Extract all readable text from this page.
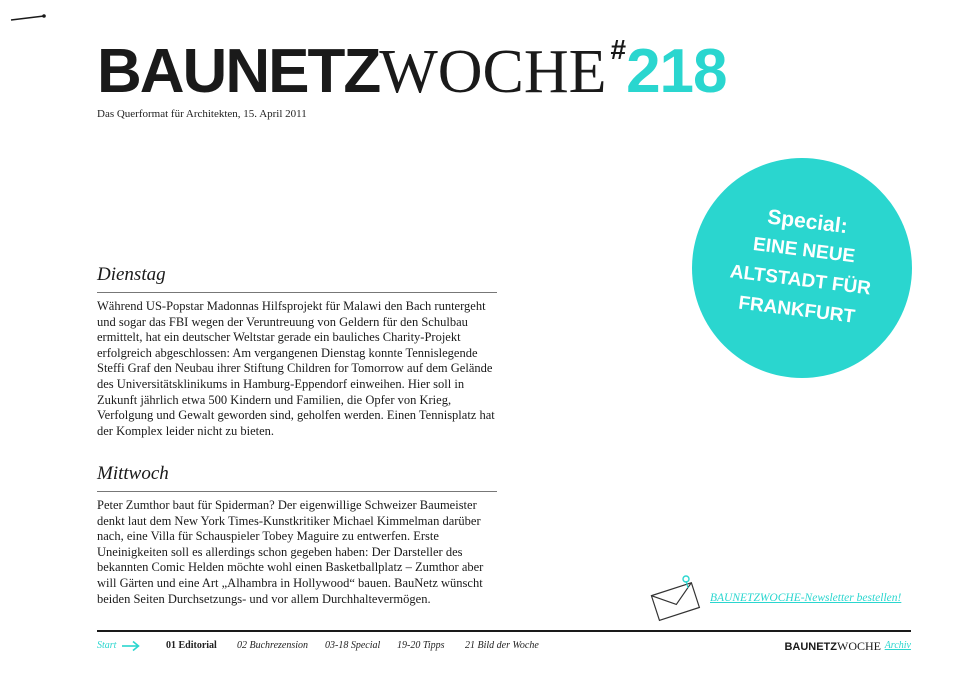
BAUNETZWOCHE #218
Das Querformat für Architekten, 15. April 2011
Dienstag

Während US-Popstar Madonnas Hilfsprojekt für Malawi den Bach runtergeht und sogar das FBI wegen der Veruntreuung von Geldern für den Schulbau ermittelt, hat ein deutscher Weltstar gerade ein bauliches Charity-Projekt erfolgreich abgeschlossen: Am vergangenen Dienstag konnte Tennislegende Steffi Graf den Neubau ihrer Stiftung Children for Tomorrow auf dem Gelände des Universitätsklinikums in Hamburg-Eppendorf einweihen. Hier soll in Zukunft jährlich etwa 500 Kindern und Familien, die Opfer von Krieg, Verfolgung und Gewalt geworden sind, geholfen werden. Einen Tennisplatz hat der Komplex leider nicht zu bieten.

Mittwoch

Peter Zumthor baut für Spiderman? Der eigenwillige Schweizer Baumeister denkt laut dem New York Times-Kunstkritiker Michael Kimmelman darüber nach, eine Villa für Schauspieler Tobey Maguire zu entwerfen. Erste Uneinigkeiten soll es allerdings schon gegeben haben: Der Darsteller des bekannten Comic Helden möchte wohl einen Basketballplatz – Zumthor aber will Gärten und eine Art „Alhambra in Hollywood“ bauen. BauNetz wünscht beiden Seiten Durchsetzungs- und vor allem Durchhaltevermögen.

Special:
EINE NEUE
ALTSTADT FÜR
FRANKFURT
BAUNETZWOCHE-Newsletter bestellen!
Start	01 Editorial 02 Buchrezension 03-18 Special 19-20 Tipps 21 Bild der Woche	BAUNETZWOCHE Archiv
